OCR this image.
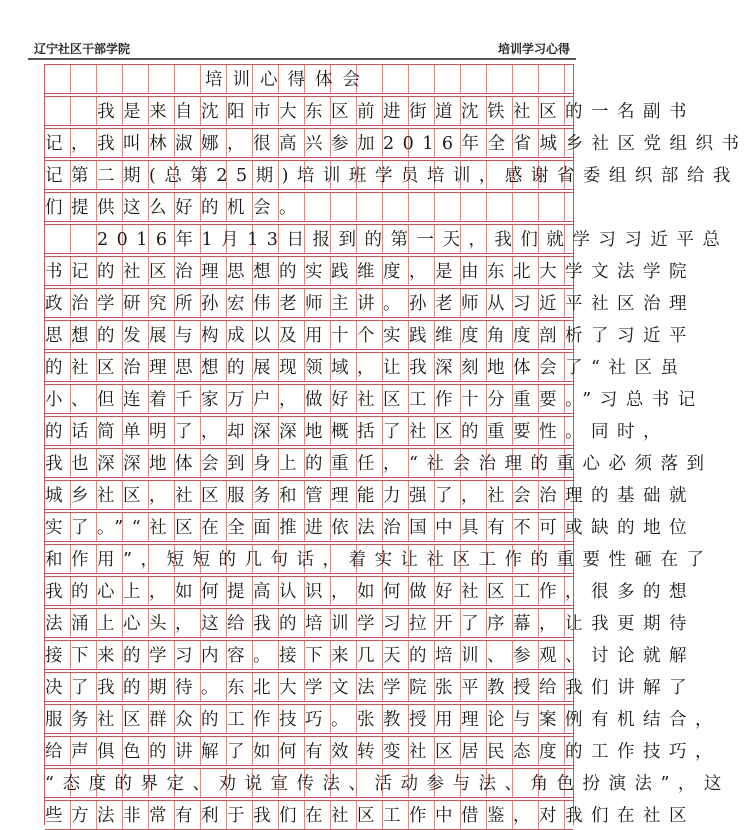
辽宁社区干部学院	培训学习心得
培训心得体会
我是来自沈阳市大东区前进街道沈铁社区的一名副书
记，我叫林淑娜，很高兴参加2016年全省城乡社区党组织书
记第二期(总第25期)培训班学员培训，感谢省委组织部给我
们提供这么好的机会。
2016年1月13日报到的第一天，我们就学习习近平总
书记的社区治理思想的实践维度，是由东北大学文法学院
政治学研究所孙宏伟老师主讲。孙老师从习近平社区治理
思想的发展与构成以及用十个实践维度角度剖析了习近平
的社区治理思想的展现领域，让我深刻地体会了“社区虽
小、但连着千家万户，做好社区工作十分重要。”习总书记
的话简单明了，却深深地概括了社区的重要性。同时，
我也深深地体会到身上的重任，“社会治理的重心必须落到
城乡社区，社区服务和管理能力强了，社会治理的基础就
实了。”“社区在全面推进依法治国中具有不可或缺的地位
和作用”，短短的几句话，着实让社区工作的重要性砸在了
我的心上，如何提高认识，如何做好社区工作，很多的想
法涌上心头，这给我的培训学习拉开了序幕，让我更期待
接下来的学习内容。接下来几天的培训、参观、讨论就解
决了我的期待。东北大学文法学院张平教授给我们讲解了
服务社区群众的工作技巧。张教授用理论与案例有机结合，
给声俱色的讲解了如何有效转变社区居民态度的工作技巧，
“态度的界定、劝说宣传法、活动参与法、角色扮演法”，这
些方法非常有利于我们在社区工作中借鉴，对我们在社区
